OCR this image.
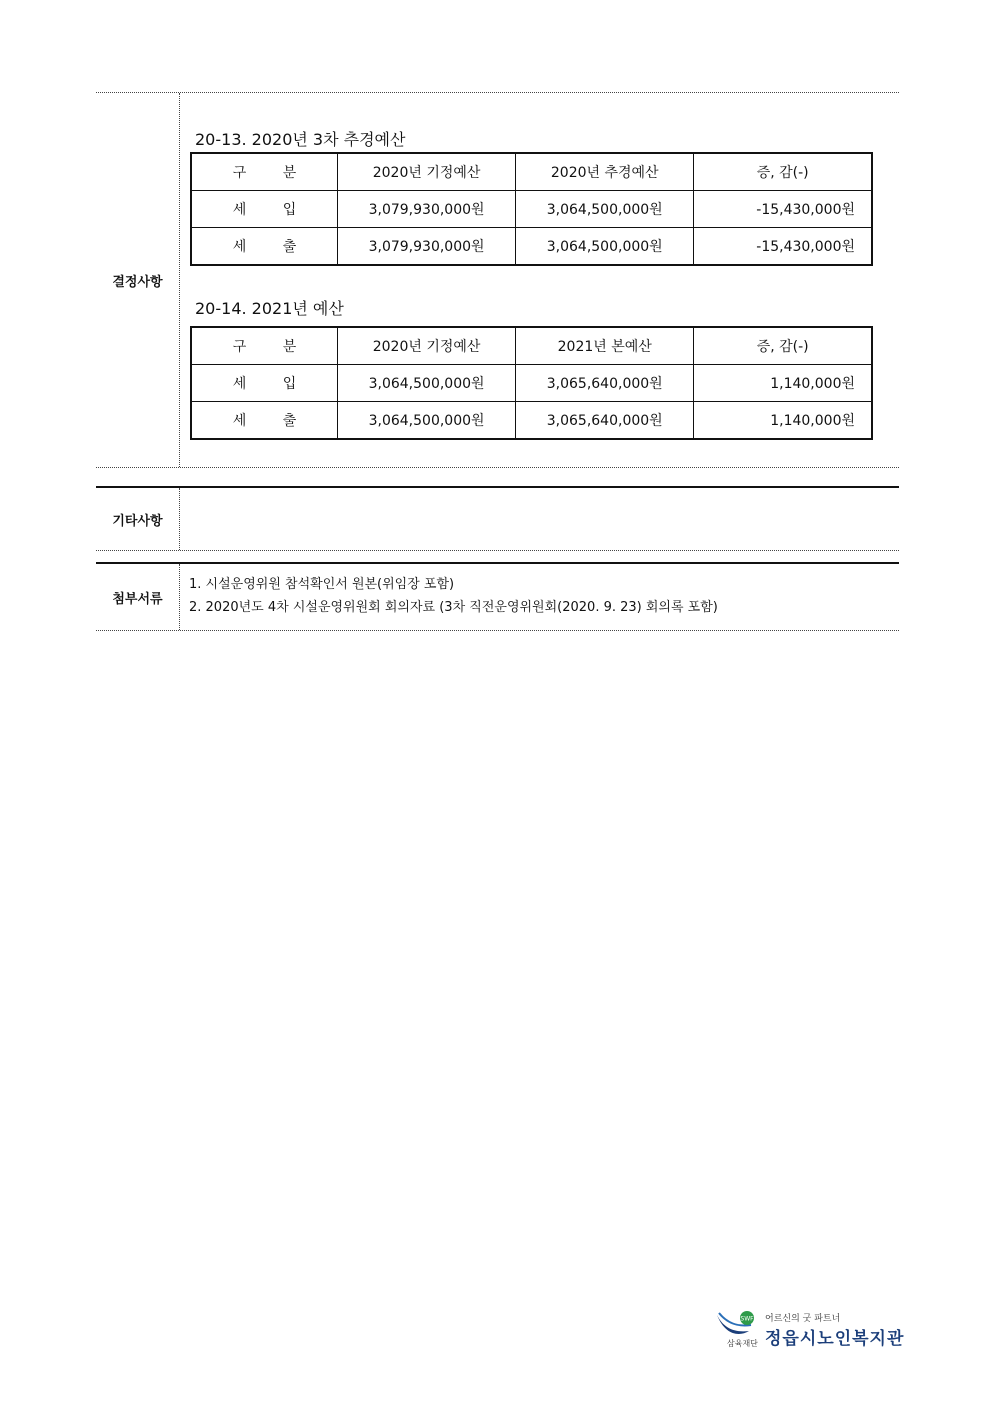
결정사항
20-13. 2020년 3차 추경예산
구 분	2020년 기정예산	2020년 추경예산	증, 감(-)
세 입	3,079,930,000원	3,064,500,000원	-15,430,000원
세 출	3,079,930,000원	3,064,500,000원	-15,430,000원
20-14. 2021년 예산
구 분	2020년 기정예산	2021년 본예산	증, 감(-)
세 입	3,064,500,000원	3,065,640,000원	1,140,000원
세 출	3,064,500,000원	3,065,640,000원	1,140,000원
기타사항
첨부서류
1. 시설운영위원 참석확인서 원본(위임장 포함)
2. 2020년도 4차 시설운영위원회 회의자료 (3차 직전운영위원회(2020. 9. 23) 회의록 포함)
SWF 어르신의 굿 파트너
정읍시노인복지관
삼육재단
